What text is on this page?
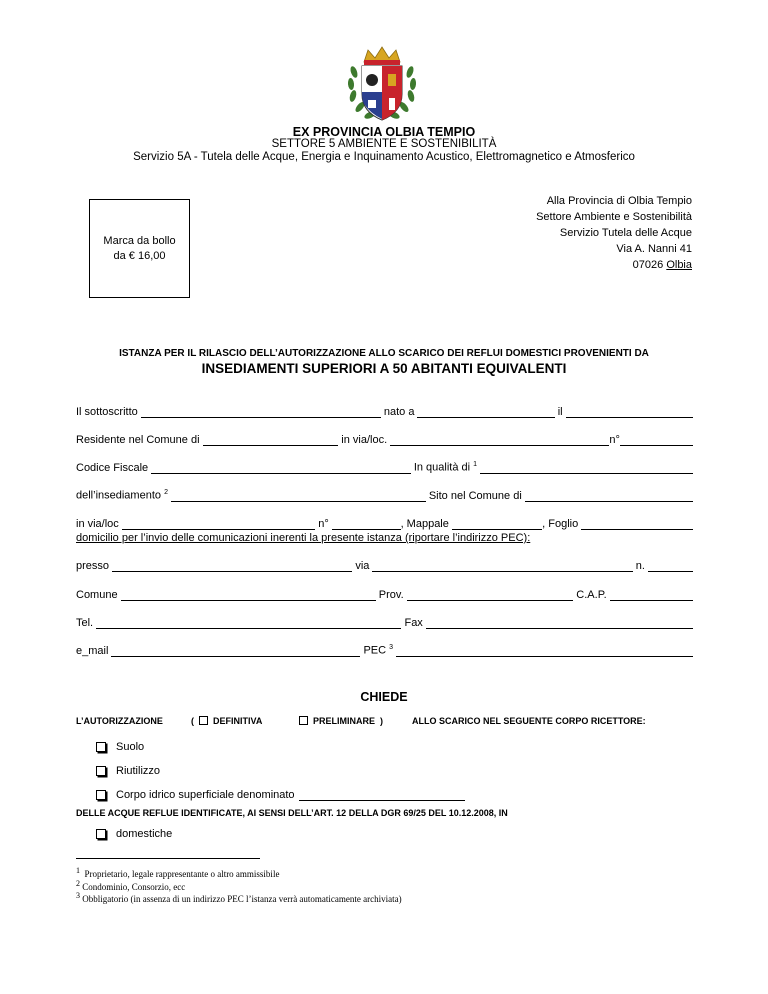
EX PROVINCIA OLBIA TEMPIO
SETTORE 5 AMBIENTE E SOSTENIBILITÀ
Servizio 5A - Tutela delle Acque, Energia e Inquinamento Acustico, Elettromagnetico e Atmosferico
Marca da bollo
da € 16,00
Alla Provincia di Olbia Tempio
Settore Ambiente e Sostenibilità
Servizio Tutela delle Acque
Via A. Nanni 41
07026 Olbia
ISTANZA PER IL RILASCIO DELL’AUTORIZZAZIONE ALLO SCARICO DEI REFLUI DOMESTICI PROVENIENTI DA
INSEDIAMENTI SUPERIORI A 50 ABITANTI EQUIVALENTI
Il sottoscritto	nato a	il
Residente nel Comune di	in via/loc.	n°
Codice Fiscale	In qualità di $^1$
dell’insediamento $^2$	Sito nel Comune di
in via/loc	n°	, Mappale	, Foglio
domicilio per l’invio delle comunicazioni inerenti la presente istanza (riportare l’indirizzo PEC):
presso	via	n.
Comune	Prov.	C.A.P.
Tel.	Fax
e_mail	PEC $^3$
CHIEDE
L’AUTORIZZAZIONE	( DEFINITIVA	PRELIMINARE )	ALLO SCARICO NEL SEGUENTE CORPO RICETTORE:
Suolo
Riutilizzo
Corpo idrico superficiale denominato
DELLE ACQUE REFLUE IDENTIFICATE, AI SENSI DELL’ART. 12 DELLA DGR 69/25 DEL 10.12.2008, IN
domestiche
$^1$ Proprietario, legale rappresentante o altro ammissibile
$^2$ Condominio, Consorzio, ecc
$^3$ Obbligatorio (in assenza di un indirizzo PEC l’istanza verrà automaticamente archiviata)
